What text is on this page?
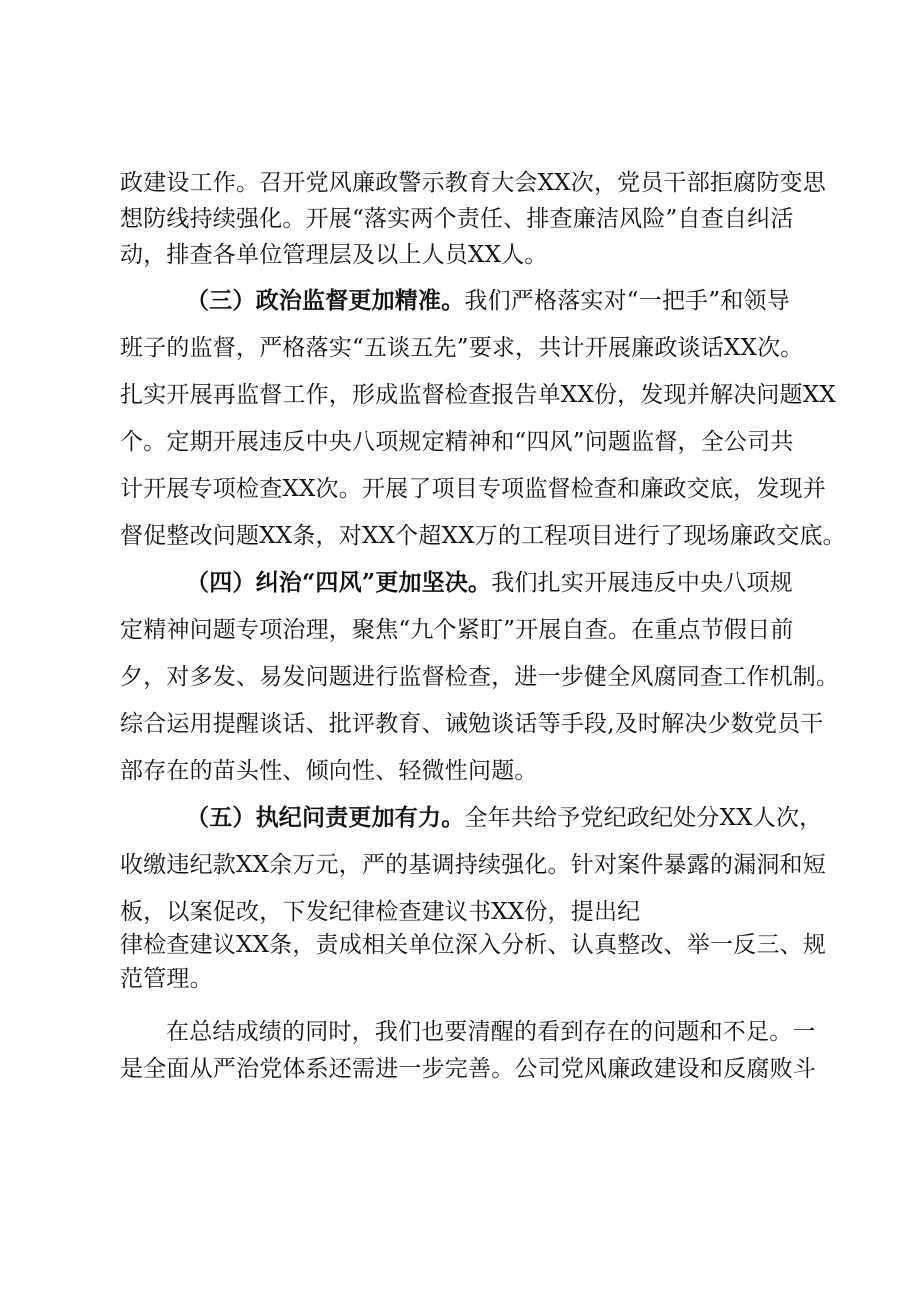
政建设工作。召开党风廉政警示教育大会XX次，党员干部拒腐防变思
想防线持续强化。开展“落实两个责任、排查廉洁风险”自查自纠活
动，排查各单位管理层及以上人员XX人。
（三）政治监督更加精准。我们严格落实对“一把手”和领导
班子的监督，严格落实“五谈五先”要求，共计开展廉政谈话XX次。
扎实开展再监督工作，形成监督检查报告单XX份，发现并解决问题XX
个。定期开展违反中央八项规定精神和“四风”问题监督，全公司共
计开展专项检查XX次。开展了项目专项监督检查和廉政交底，发现并
督促整改问题XX条，对XX个超XX万的工程项目进行了现场廉政交底。
（四）纠治“四风”更加坚决。我们扎实开展违反中央八项规
定精神问题专项治理，聚焦“九个紧盯”开展自查。在重点节假日前
夕，对多发、易发问题进行监督检查，进一步健全风腐同查工作机制。
综合运用提醒谈话、批评教育、诫勉谈话等手段,及时解决少数党员干
部存在的苗头性、倾向性、轻微性问题。
（五）执纪问责更加有力。全年共给予党纪政纪处分XX人次，
收缴违纪款XX余万元，严的基调持续强化。针对案件暴露的漏洞和短
板，以案促改，下发纪律检查建议书XX份，提出纪
律检查建议XX条，责成相关单位深入分析、认真整改、举一反三、规
范管理。
在总结成绩的同时，我们也要清醒的看到存在的问题和不足。一
是全面从严治党体系还需进一步完善。公司党风廉政建设和反腐败斗
